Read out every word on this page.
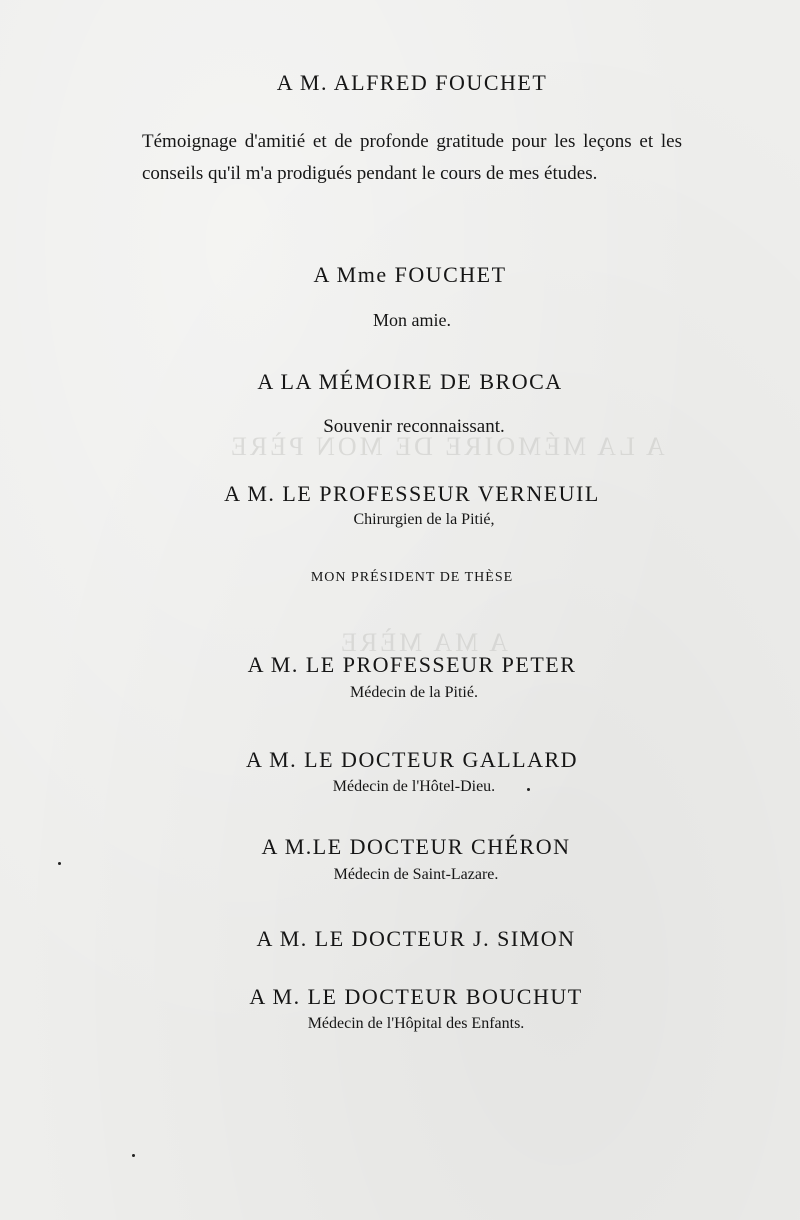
A LA MÉMOIRE DE MON PÈRE
A MA MÈRE
A M. ALFRED FOUCHET
Témoignage d'amitié et de profonde gratitude pour les leçons et les conseils qu'il m'a prodigués pendant le cours de mes études.
A Mme FOUCHET
Mon amie.
A LA MÉMOIRE DE BROCA
Souvenir reconnaissant.
A M. LE PROFESSEUR VERNEUIL
Chirurgien de la Pitié,
MON PRÉSIDENT DE THÈSE
A M. LE PROFESSEUR PETER
Médecin de la Pitié.
A M. LE DOCTEUR GALLARD
Médecin de l'Hôtel-Dieu.
A M.LE DOCTEUR CHÉRON
Médecin de Saint-Lazare.
A M. LE DOCTEUR J. SIMON
A M. LE DOCTEUR BOUCHUT
Médecin de l'Hôpital des Enfants.
